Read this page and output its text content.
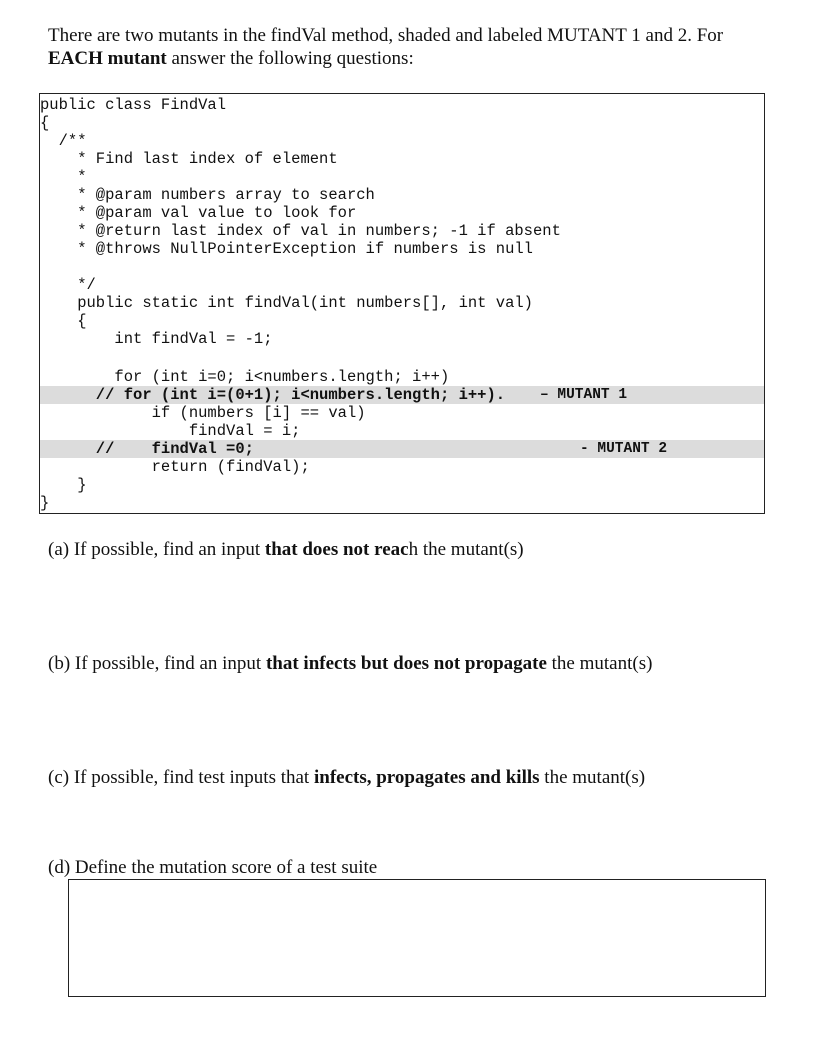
There are two mutants in the findVal method, shaded and labeled MUTANT 1 and 2. For EACH mutant answer the following questions:
public class FindVal
{
/**
* Find last index of element
*
* @param numbers array to search
* @param val value to look for
* @return last index of val in numbers; -1 if absent
* @throws NullPointerException if numbers is null
*/
public static int findVal(int numbers[], int val)
{
int findVal = -1;
for (int i=0; i<numbers.length; i++)
// for (int i=(0+1); i<numbers.length; i++).	– MUTANT 1
if (numbers [i] == val)
findVal = i;
//    findVal =0;	- MUTANT 2
return (findVal);
}
}
(a) If possible, find an input that does not reach the mutant(s)
(b) If possible, find an input that infects but does not propagate the mutant(s)
(c) If possible, find test inputs that infects, propagates and kills the mutant(s)
(d) Define the mutation score of a test suite
